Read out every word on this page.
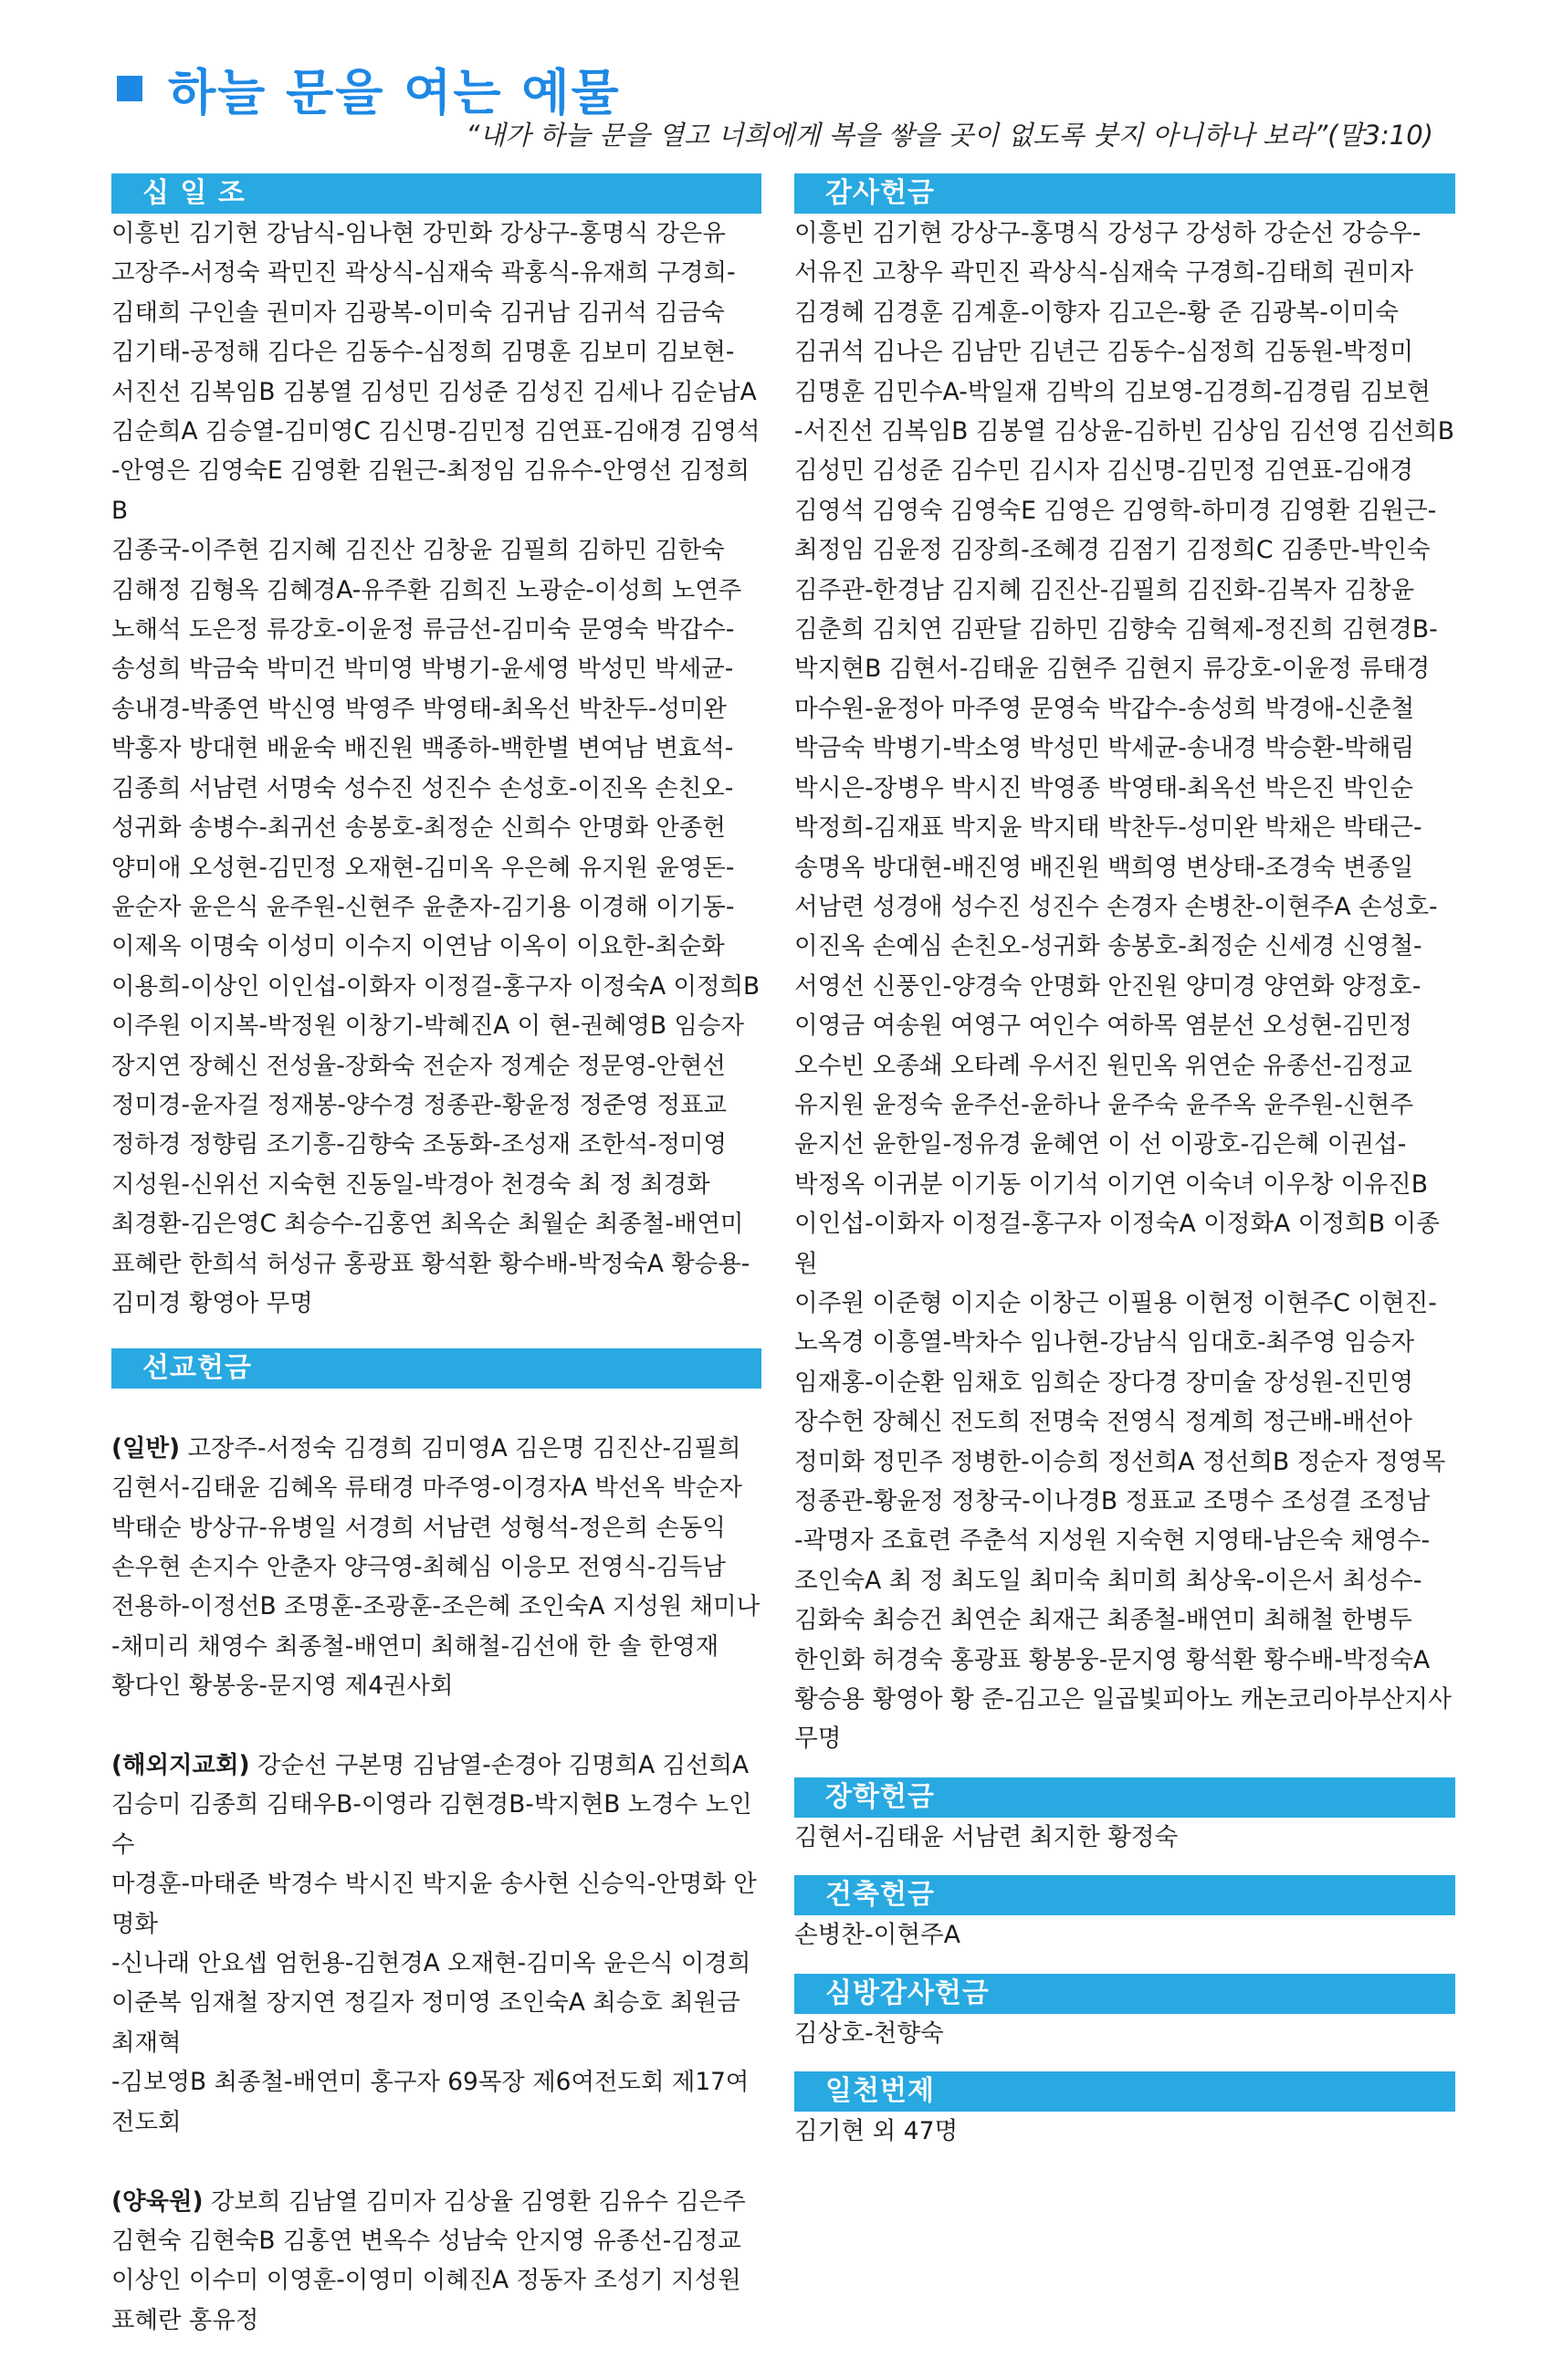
하늘 문을 여는 예물
“내가 하늘 문을 열고 너희에게 복을 쌓을 곳이 없도록 붓지 아니하나 보라”(말3:10)
십 일 조

이흥빈 김기현 강남식-임나현 강민화 강상구-홍명식 강은유
고장주-서정숙 곽민진 곽상식-심재숙 곽홍식-유재희 구경희-
김태희 구인솔 권미자 김광복-이미숙 김귀남 김귀석 김금숙
김기태-공정해 김다은 김동수-심정희 김명훈 김보미 김보현-
서진선 김복임B 김봉열 김성민 김성준 김성진 김세나 김순남A
김순희A 김승열-김미영C 김신명-김민정 김연표-김애경 김영석
-안영은 김영숙E 김영환 김원근-최정임 김유수-안영선 김정희B
김종국-이주현 김지혜 김진산 김창윤 김필희 김하민 김한숙
김해정 김형옥 김혜경A-유주환 김희진 노광순-이성희 노연주
노해석 도은정 류강호-이윤정 류금선-김미숙 문영숙 박갑수-
송성희 박금숙 박미건 박미영 박병기-윤세영 박성민 박세균-
송내경-박종연 박신영 박영주 박영태-최옥선 박찬두-성미완
박홍자 방대현 배윤숙 배진원 백종하-백한별 변여남 변효석-
김종희 서남련 서명숙 성수진 성진수 손성호-이진옥 손친오-
성귀화 송병수-최귀선 송봉호-최정순 신희수 안명화 안종헌
양미애 오성현-김민정 오재현-김미옥 우은혜 유지원 윤영돈-
윤순자 윤은식 윤주원-신현주 윤춘자-김기용 이경해 이기동-
이제옥 이명숙 이성미 이수지 이연남 이옥이 이요한-최순화
이용희-이상인 이인섭-이화자 이정걸-홍구자 이정숙A 이정희B
이주원 이지복-박정원 이창기-박혜진A 이 현-권혜영B 임승자
장지연 장혜신 전성율-장화숙 전순자 정계순 정문영-안현선
정미경-윤자걸 정재봉-양수경 정종관-황윤정 정준영 정표교
정하경 정향림 조기흥-김향숙 조동화-조성재 조한석-정미영
지성원-신위선 지숙현 진동일-박경아 천경숙 최 정 최경화
최경환-김은영C 최승수-김홍연 최옥순 최월순 최종철-배연미
표혜란 한희석 허성규 홍광표 황석환 황수배-박정숙A 황승용-
김미경 황영아 무명

선교헌금

(일반) 고장주-서정숙 김경희 김미영A 김은명 김진산-김필희
김현서-김태윤 김혜옥 류태경 마주영-이경자A 박선옥 박순자
박태순 방상규-유병일 서경희 서남련 성형석-정은희 손동익
손우현 손지수 안춘자 양극영-최혜심 이응모 전영식-김득남
전용하-이정선B 조명훈-조광훈-조은혜 조인숙A 지성원 채미나
-채미리 채영수 최종철-배연미 최해철-김선애 한 솔 한영재
황다인 황봉웅-문지영 제4권사회

(해외지교회) 강순선 구본명 김남열-손경아 김명희A 김선희A
김승미 김종희 김태우B-이영라 김현경B-박지현B 노경수 노인수
마경훈-마태준 박경수 박시진 박지윤 송사현 신승익-안명화 안명화
-신나래 안요셉 엄헌용-김현경A 오재현-김미옥 윤은식 이경희
이준복 임재철 장지연 정길자 정미영 조인숙A 최승호 최원금 최재혁
-김보영B 최종철-배연미 홍구자 69목장 제6여전도회 제17여전도회

(양육원) 강보희 김남열 김미자 김상율 김영환 김유수 김은주
김현숙 김현숙B 김홍연 변옥수 성남숙 안지영 유종선-김정교
이상인 이수미 이영훈-이영미 이혜진A 정동자 조성기 지성원
표혜란 홍유정

감사헌금

이흥빈 김기현 강상구-홍명식 강성구 강성하 강순선 강승우-
서유진 고창우 곽민진 곽상식-심재숙 구경희-김태희 권미자
김경혜 김경훈 김계훈-이향자 김고은-황 준 김광복-이미숙
김귀석 김나은 김남만 김년근 김동수-심정희 김동원-박정미
김명훈 김민수A-박일재 김박의 김보영-김경희-김경림 김보현
-서진선 김복임B 김봉열 김상윤-김하빈 김상임 김선영 김선희B
김성민 김성준 김수민 김시자 김신명-김민정 김연표-김애경
김영석 김영숙 김영숙E 김영은 김영학-하미경 김영환 김원근-
최정임 김윤정 김장희-조혜경 김점기 김정희C 김종만-박인숙
김주관-한경남 김지혜 김진산-김필희 김진화-김복자 김창윤
김춘희 김치연 김판달 김하민 김향숙 김혁제-정진희 김현경B-
박지현B 김현서-김태윤 김현주 김현지 류강호-이윤정 류태경
마수원-윤정아 마주영 문영숙 박갑수-송성희 박경애-신춘철
박금숙 박병기-박소영 박성민 박세균-송내경 박승환-박해림
박시은-장병우 박시진 박영종 박영태-최옥선 박은진 박인순
박정희-김재표 박지윤 박지태 박찬두-성미완 박채은 박태근-
송명옥 방대현-배진영 배진원 백희영 변상태-조경숙 변종일
서남련 성경애 성수진 성진수 손경자 손병찬-이현주A 손성호-
이진옥 손예심 손친오-성귀화 송봉호-최정순 신세경 신영철-
서영선 신풍인-양경숙 안명화 안진원 양미경 양연화 양정호-
이영금 여송원 여영구 여인수 여하목 염분선 오성현-김민정
오수빈 오종쇄 오타례 우서진 원민옥 위연순 유종선-김정교
유지원 윤정숙 윤주선-윤하나 윤주숙 윤주옥 윤주원-신현주
윤지선 윤한일-정유경 윤혜연 이 선 이광호-김은혜 이권섭-
박정옥 이귀분 이기동 이기석 이기연 이숙녀 이우창 이유진B
이인섭-이화자 이정걸-홍구자 이정숙A 이정화A 이정희B 이종원
이주원 이준형 이지순 이창근 이필용 이현정 이현주C 이현진-
노옥경 이흥열-박차수 임나현-강남식 임대호-최주영 임승자
임재홍-이순환 임채호 임희순 장다경 장미술 장성원-진민영
장수헌 장혜신 전도희 전명숙 전영식 정계희 정근배-배선아
정미화 정민주 정병한-이승희 정선희A 정선희B 정순자 정영목
정종관-황윤정 정창국-이나경B 정표교 조명수 조성결 조정남
-곽명자 조효련 주춘석 지성원 지숙현 지영태-남은숙 채영수-
조인숙A 최 정 최도일 최미숙 최미희 최상욱-이은서 최성수-
김화숙 최승건 최연순 최재근 최종철-배연미 최해철 한병두
한인화 허경숙 홍광표 황봉웅-문지영 황석환 황수배-박정숙A
황승용 황영아 황 준-김고은 일곱빛피아노 캐논코리아부산지사
무명

장학헌금

김현서-김태윤 서남련 최지한 황정숙

건축헌금

손병찬-이현주A

심방감사헌금

김상호-천향숙

일천번제

김기현 외 47명
